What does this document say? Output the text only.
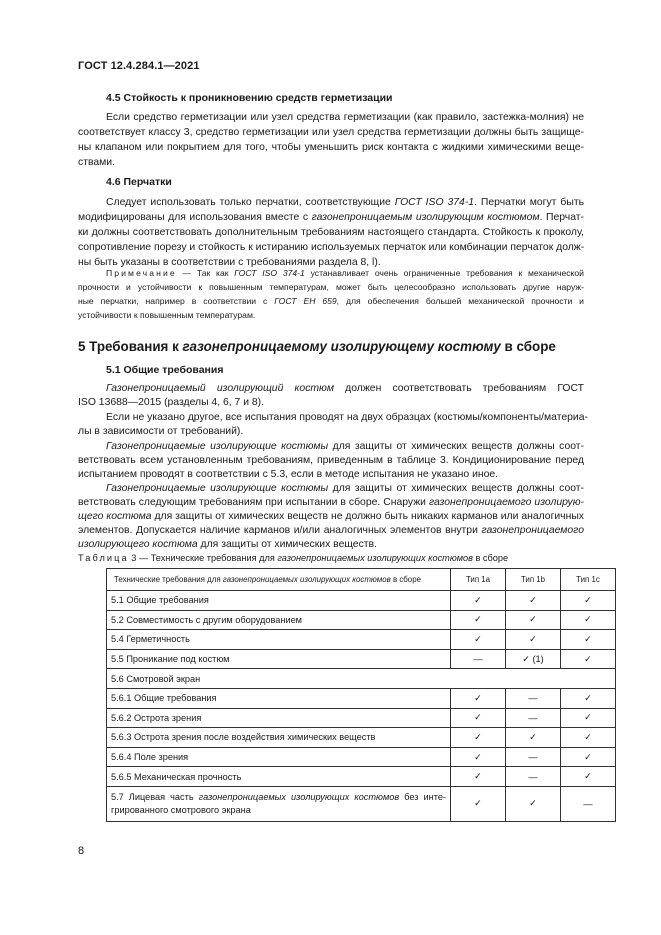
ГОСТ 12.4.284.1—2021
4.5 Стойкость к проникновению средств герметизации
Если средство герметизации или узел средства герметизации (как правило, застежка-молния) не
соответствует классу 3, средство герметизации или узел средства герметизации должны быть защище-
ны клапаном или покрытием для того, чтобы уменьшить риск контакта с жидкими химическими веще-
ствами.
4.6 Перчатки
Следует использовать только перчатки, соответствующие ГОСТ ISO 374-1. Перчатки могут быть
модифицированы для использования вместе с газонепроницаемым изолирующим костюмом. Перчат-
ки должны соответствовать дополнительным требованиям настоящего стандарта. Стойкость к проколу,
сопротивление порезу и стойкость к истиранию используемых перчаток или комбинации перчаток долж-
ны быть указаны в соответствии с требованиями раздела 8, l).
Примечание — Так как ГОСТ ISO 374-1 устанавливает очень ограниченные требования к механической
прочности и устойчивости к повышенным температурам, может быть целесообразно использовать другие наруж-
ные перчатки, например в соответствии с ГОСТ EH 659, для обеспечения большей механической прочности и
устойчивости к повышенным температурам.
5 Требования к газонепроницаемому изолирующему костюму в сборе
5.1 Общие требования
Газонепроницаемый изолирующий костюм должен соответствовать требованиям ГОСТ
ISO 13688—2015 (разделы 4, 6, 7 и 8).
Если не указано другое, все испытания проводят на двух образцах (костюмы/компоненты/материа-
лы в зависимости от требований).
Газонепроницаемые изолирующие костюмы для защиты от химических веществ должны соот-
ветствовать всем установленным требованиям, приведенным в таблице 3. Кондиционирование перед
испытанием проводят в соответствии с 5.3, если в методе испытания не указано иное.
Газонепроницаемые изолирующие костюмы для защиты от химических веществ должны соот-
ветствовать следующим требованиям при испытании в сборе. Снаружи газонепроницаемого изолирую-
щего костюма для защиты от химических веществ не должно быть никаких карманов или аналогичных
элементов. Допускается наличие карманов и/или аналогичных элементов внутри газонепроницаемого
изолирующего костюма для защиты от химических веществ.
Таблица 3 — Технические требования для газонепроницаемых изолирующих костюмов в сборе
Технические требования для газонепроницаемых изолирующих костюмов в сборе	Тип 1a	Тип 1b	Тип 1c
5.1 Общие требования	✓	✓	✓
5.2 Совместимость с другим оборудованием	✓	✓	✓
5.4 Герметичность	✓	✓	✓
5.5 Проникание под костюм	—	✓ (1)	✓
5.6 Смотровой экран			
5.6.1 Общие требования	✓	—	✓
5.6.2 Острота зрения	✓	—	✓
5.6.3 Острота зрения после воздействия химических веществ	✓	✓	✓
5.6.4 Поле зрения	✓	—	✓
5.6.5 Механическая прочность	✓	—	✓

5.7 Лицевая часть газонепроницаемых изолирующих костюмов без инте-
грированного смотрового экрана	✓	✓	—
8
